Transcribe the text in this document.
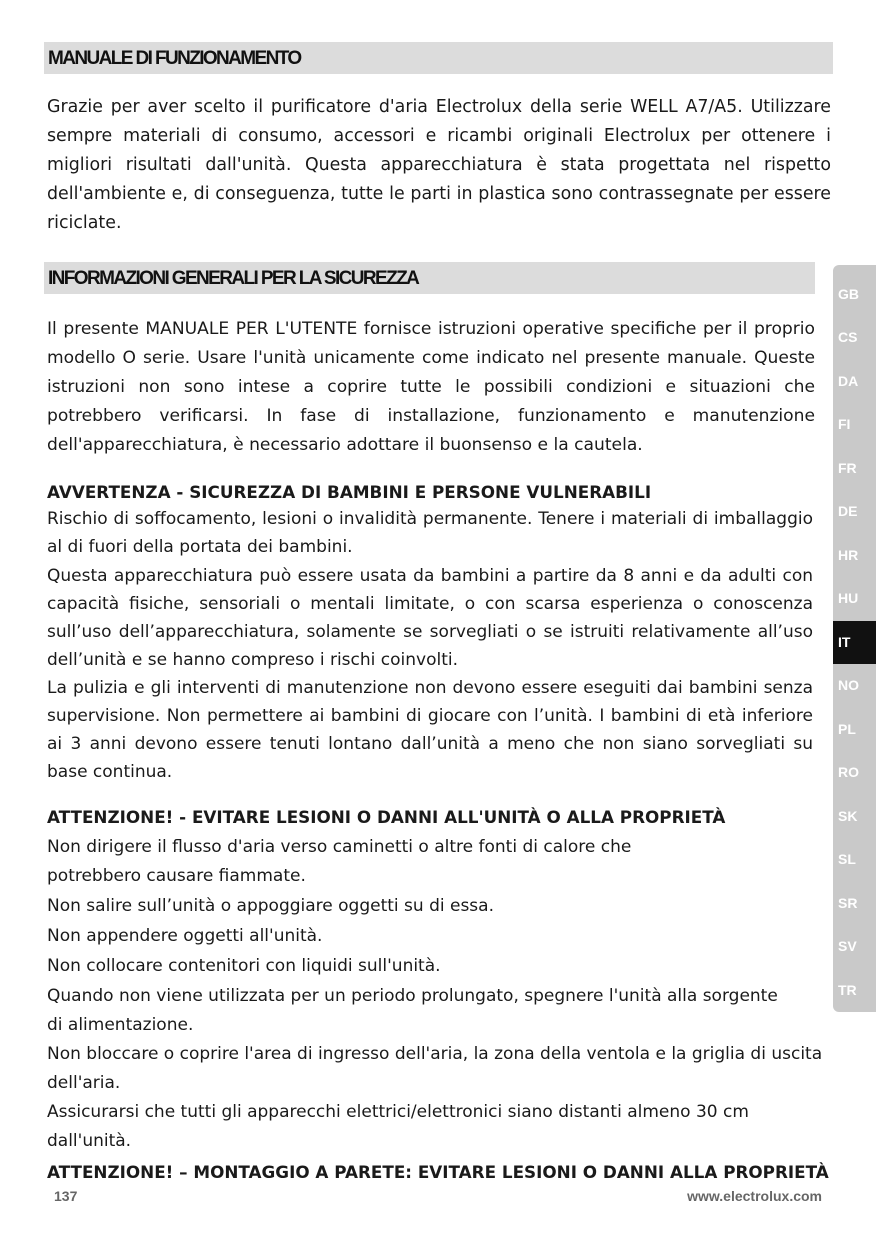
MANUALE DI FUNZIONAMENTO

Grazie per aver scelto il purificatore d'aria Electrolux della serie WELL A7/A5. Utilizzare sempre materiali di consumo, accessori e ricambi originali Electrolux per ottenere i migliori risultati dall'unità. Questa apparecchiatura è stata progettata nel rispetto dell'ambiente e, di conseguenza, tutte le parti in plastica sono contrassegnate per essere riciclate.

INFORMAZIONI GENERALI PER LA SICUREZZA

Il presente MANUALE PER L'UTENTE fornisce istruzioni operative specifiche per il proprio modello O serie. Usare l'unità unicamente come indicato nel presente manuale. Queste istruzioni non sono intese a coprire tutte le possibili condizioni e situazioni che potrebbero verificarsi. In fase di installazione, funzionamento e manutenzione dell'apparecchiatura, è necessario adottare il buonsenso e la cautela.

AVVERTENZA - SICUREZZA DI BAMBINI E PERSONE VULNERABILI

Rischio di soffocamento, lesioni o invalidità permanente. Tenere i materiali di imballaggio al di fuori della portata dei bambini.

Questa apparecchiatura può essere usata da bambini a partire da 8 anni e da adulti con capacità fisiche, sensoriali o mentali limitate, o con scarsa esperienza o conoscenza sull’uso dell’apparecchiatura, solamente se sorvegliati o se istruiti relativamente all’uso dell’unità e se hanno compreso i rischi coinvolti.

La pulizia e gli interventi di manutenzione non devono essere eseguiti dai bambini senza supervisione. Non permettere ai bambini di giocare con l’unità. I bambini di età inferiore ai 3 anni devono essere tenuti lontano dall’unità a meno che non siano sorvegliati su base continua.

ATTENZIONE! - EVITARE LESIONI O DANNI ALL'UNITÀ O ALLA PROPRIETÀ

Non dirigere il flusso d'aria verso caminetti o altre fonti di calore che potrebbero causare fiammate.

Non salire sull’unità o appoggiare oggetti su di essa.

Non appendere oggetti all'unità.

Non collocare contenitori con liquidi sull'unità.

Quando non viene utilizzata per un periodo prolungato, spegnere l'unità alla sorgente di alimentazione.

Non bloccare o coprire l'area di ingresso dell'aria, la zona della ventola e la griglia di uscita dell'aria.

Assicurarsi che tutti gli apparecchi elettrici/elettronici siano distanti almeno 30 cm dall'unità.

ATTENZIONE! – MONTAGGIO A PARETE: EVITARE LESIONI O DANNI ALLA PROPRIETÀ

GB
CS
DA
FI
FR
DE
HR
HU
IT
NO
PL
RO
SK
SL
SR
SV
TR
137	www.electrolux.com
